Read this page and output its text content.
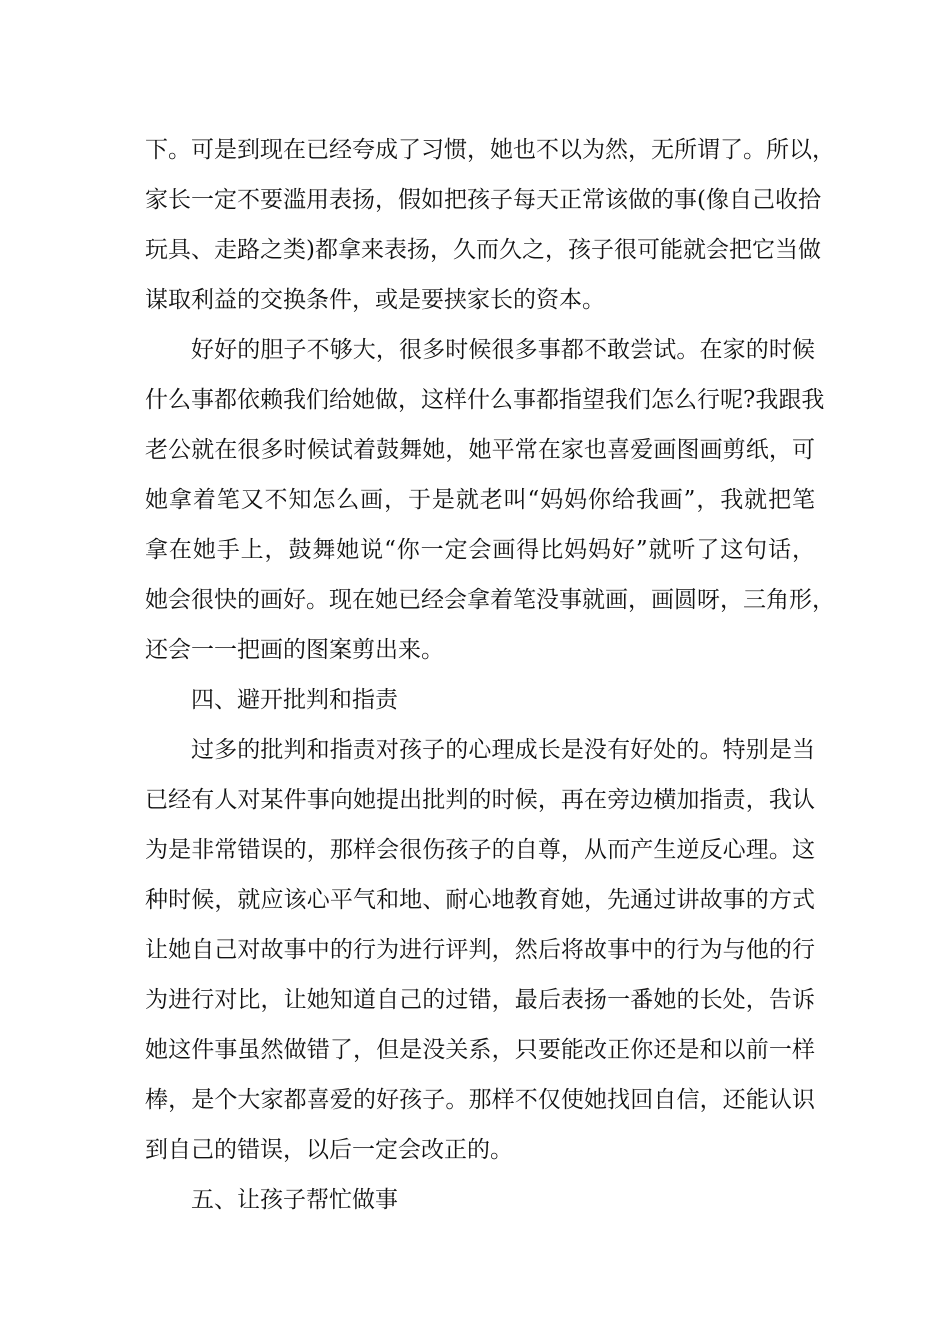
下。可是到现在已经夸成了习惯，她也不以为然，无所谓了。所以，

家长一定不要滥用表扬，假如把孩子每天正常该做的事(像自己收拾

玩具、走路之类)都拿来表扬，久而久之，孩子很可能就会把它当做

谋取利益的交换条件，或是要挟家长的资本。

好好的胆子不够大，很多时候很多事都不敢尝试。在家的时候

什么事都依赖我们给她做，这样什么事都指望我们怎么行呢?我跟我

老公就在很多时候试着鼓舞她，她平常在家也喜爱画图画剪纸，可

她拿着笔又不知怎么画，于是就老叫“妈妈你给我画”，我就把笔

拿在她手上，鼓舞她说“你一定会画得比妈妈好”就听了这句话，

她会很快的画好。现在她已经会拿着笔没事就画，画圆呀，三角形，

还会一一把画的图案剪出来。

四、避开批判和指责

过多的批判和指责对孩子的心理成长是没有好处的。特别是当

已经有人对某件事向她提出批判的时候，再在旁边横加指责，我认

为是非常错误的，那样会很伤孩子的自尊，从而产生逆反心理。这

种时候，就应该心平气和地、耐心地教育她，先通过讲故事的方式

让她自己对故事中的行为进行评判，然后将故事中的行为与他的行

为进行对比，让她知道自己的过错，最后表扬一番她的长处，告诉

她这件事虽然做错了，但是没关系，只要能改正你还是和以前一样

棒，是个大家都喜爱的好孩子。那样不仅使她找回自信，还能认识

到自己的错误，以后一定会改正的。

五、让孩子帮忙做事
